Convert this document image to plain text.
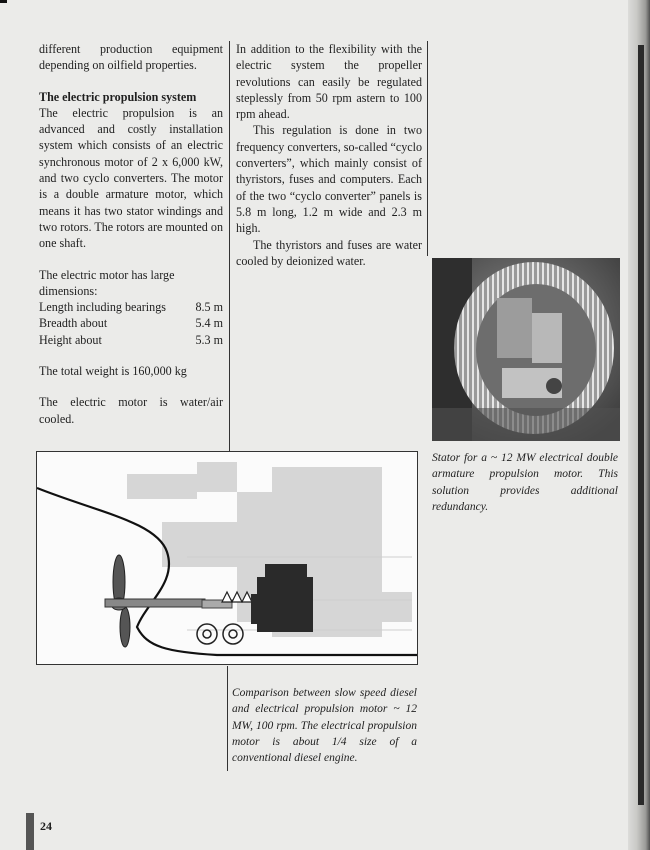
different production equipment depending on oilfield properties.

The electric propulsion system

The electric propulsion is an advanced and costly installation system which consists of an electric synchronous motor of 2 x 6,000 kW, and two cyclo converters. The motor is a double armature motor, which means it has two stator windings and two rotors. The rotors are mounted on one shaft.

The electric motor has large dimensions:
Length including bearings 8.5 m
Breadth about	5.4 m
Height about	5.3 m

The total weight is 160,000 kg

The electric motor is water/air cooled.

In addition to the flexibility with the electric system the propeller revolutions can easily be regulated steplessly from 50 rpm astern to 100 rpm ahead.

This regulation is done in two frequency converters, so-called “cyclo converters”, which mainly consist of thyristors, fuses and computers. Each of the two “cyclo converter” panels is 5.8 m long, 1.2 m wide and 2.3 m high.

The thyristors and fuses are water cooled by deionized water.

Stator for a ~ 12 MW electrical double armature propulsion motor. This solution provides additional redundancy.
Comparison between slow speed diesel and electrical propulsion motor ~ 12 MW, 100 rpm. The electrical propulsion motor is about 1/4 size of a conventional diesel engine.
24
